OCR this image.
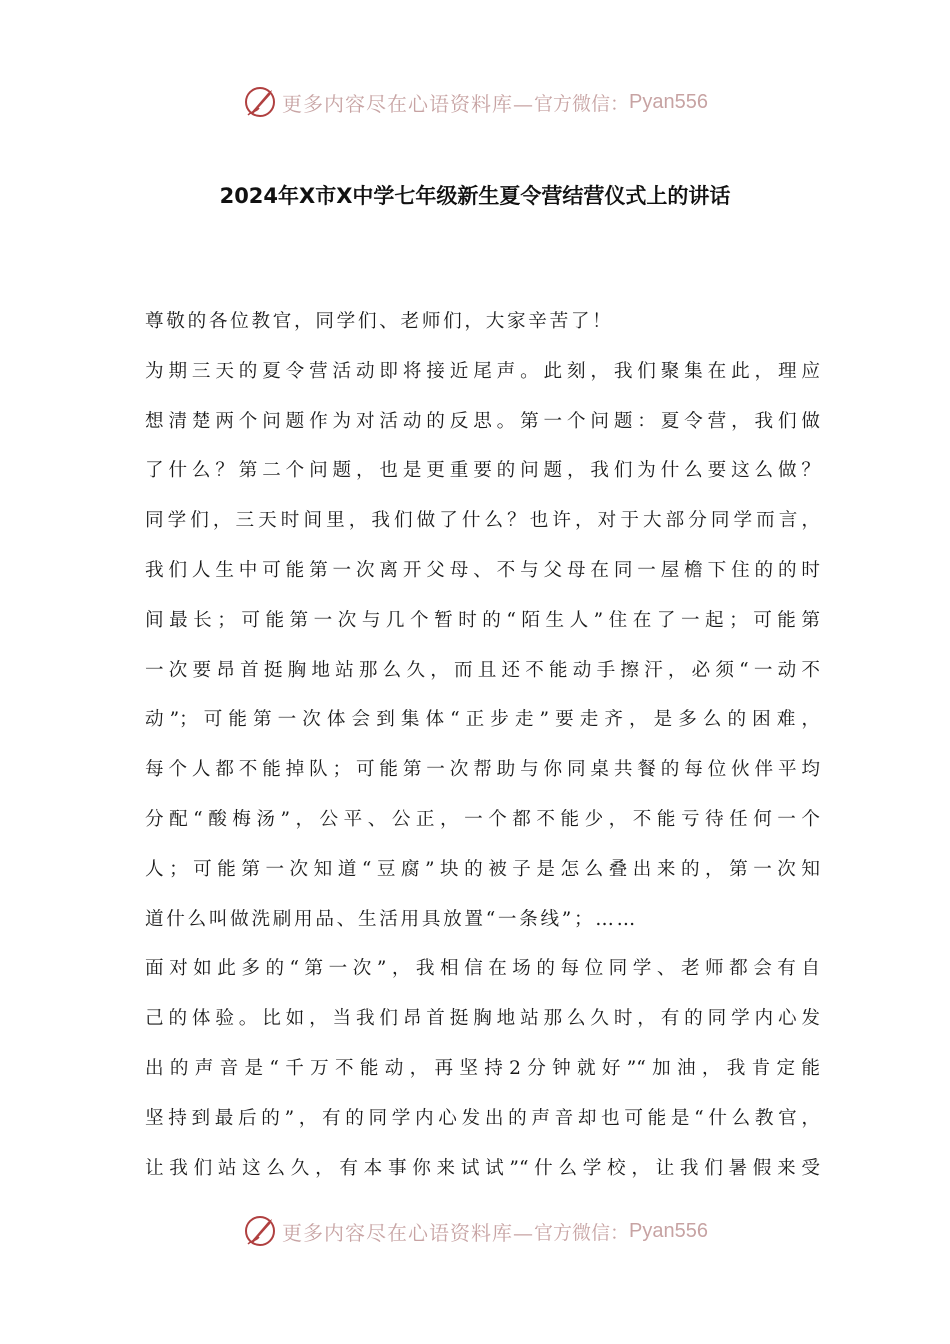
更多内容尽在心语资料库— 官方微信： Pyan556
2024年X市X中学七年级新生夏令营结营仪式上的讲话
尊敬的各位教官，同学们、老师们，大家辛苦了！
为期三天的夏令营活动即将接近尾声。此刻，我们聚集在此，理应
想清楚两个问题作为对活动的反思。第一个问题：夏令营，我们做
了什么？第二个问题，也是更重要的问题，我们为什么要这么做？
同学们，三天时间里，我们做了什么？也许，对于大部分同学而言，
我们人生中可能第一次离开父母、不与父母在同一屋檐下住的的时
间最长；可能第一次与几个暂时的“陌生人”住在了一起；可能第
一次要昂首挺胸地站那么久，而且还不能动手擦汗，必须“一动不
动”；可能第一次体会到集体“正步走”要走齐，是多么的困难，
每个人都不能掉队；可能第一次帮助与你同桌共餐的每位伙伴平均
分配“酸梅汤”，公平、公正，一个都不能少，不能亏待任何一个
人；可能第一次知道“豆腐”块的被子是怎么叠出来的，第一次知
道什么叫做洗刷用品、生活用具放置“一条线”；……
面对如此多的“第一次”，我相信在场的每位同学、老师都会有自
己的体验。比如，当我们昂首挺胸地站那么久时，有的同学内心发
出的声音是“千万不能动，再坚持2分钟就好”“加油，我肯定能
坚持到最后的”，有的同学内心发出的声音却也可能是“什么教官，
让我们站这么久，有本事你来试试”“什么学校，让我们暑假来受
更多内容尽在心语资料库— 官方微信： Pyan556
